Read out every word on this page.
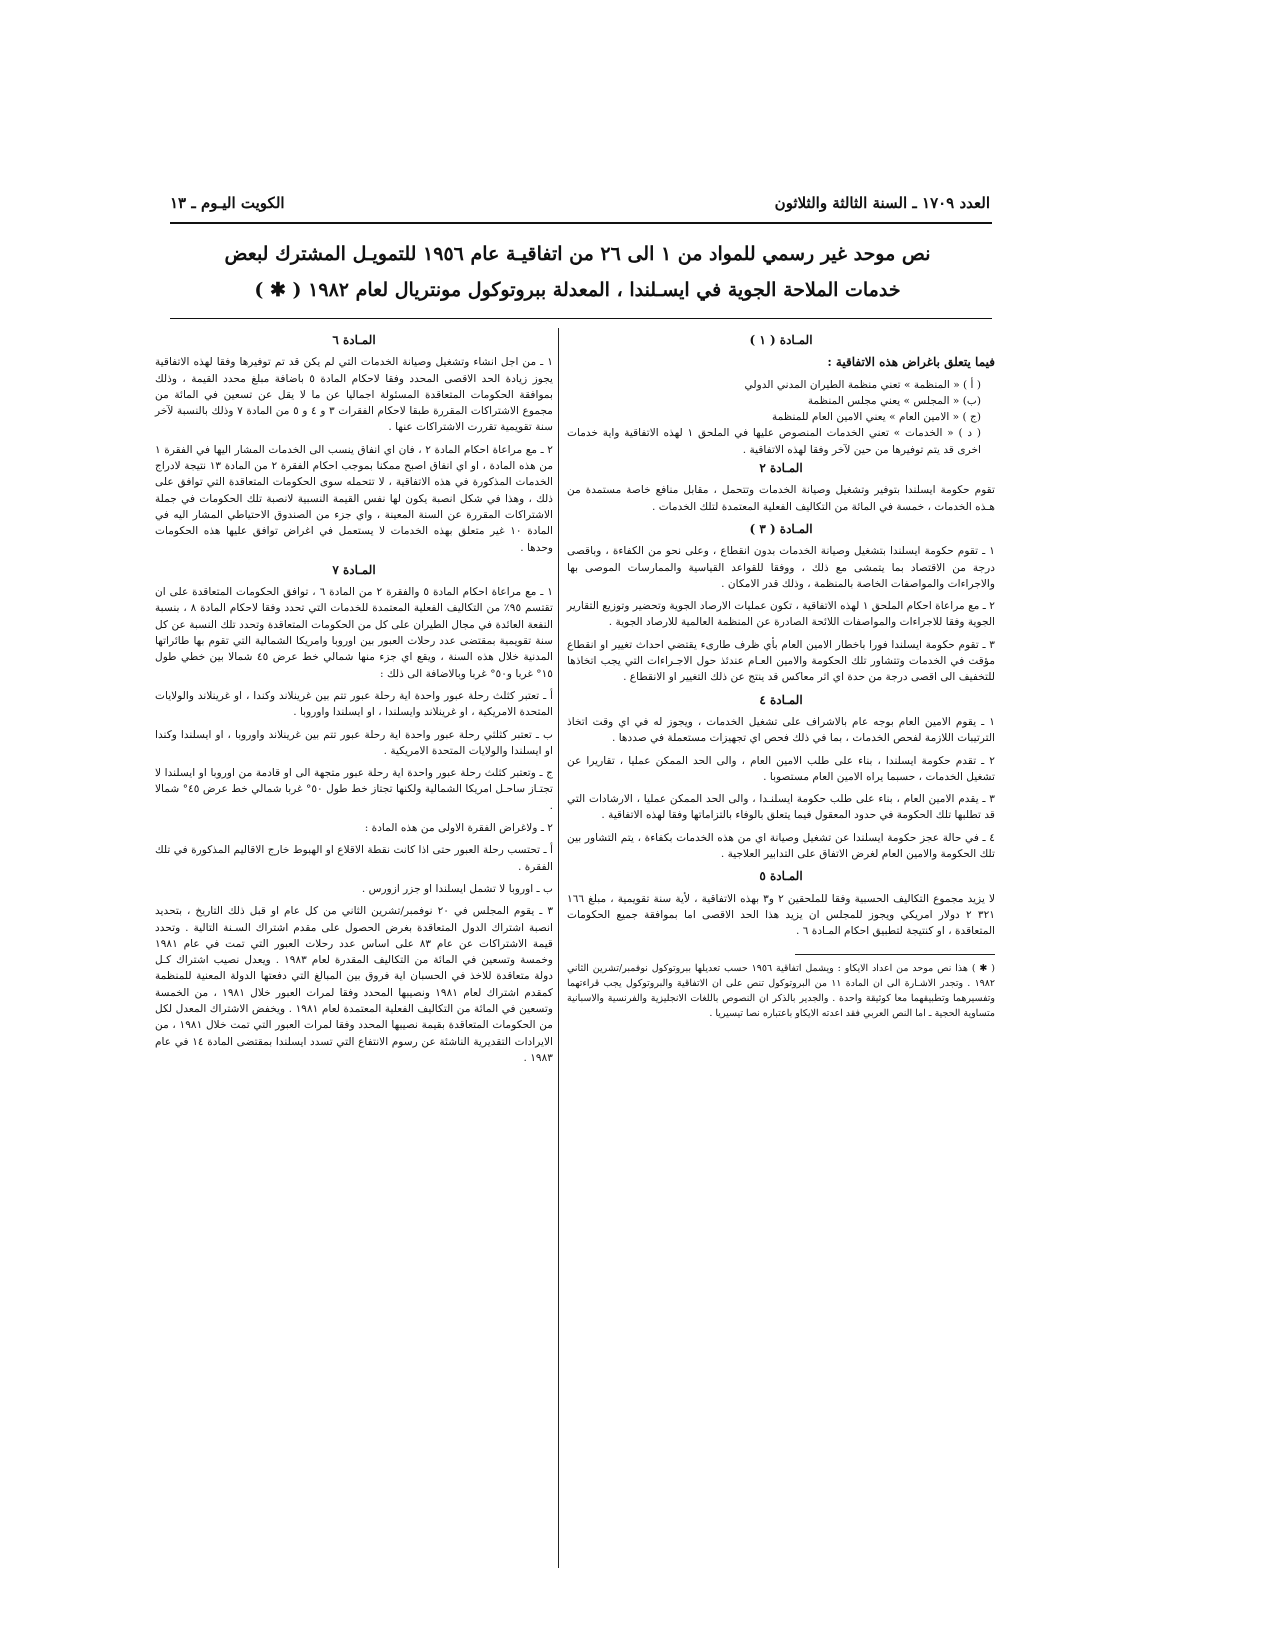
العدد ١٧٠٩ ـ السنة الثالثة والثلاثون
الكويت اليـوم ـ ١٣
نص موحد غير رسمي للمواد من ١ الى ٢٦ من اتفاقيـة عام ١٩٥٦ للتمويـل المشترك لبعض
خدمات الملاحة الجوية في ايسـلندا ، المعدلة ببروتوكول مونتريال لعام ١٩٨٢ ( ✱ )
المـادة ( ١ )
فيما يتعلق باغراض هذه الاتفاقية :

( أ ) « المنظمة » تعني منظمة الطيران المدني الدولي

(ب) « المجلس » يعني مجلس المنظمة

(ج ) « الامين العام » يعني الامين العام للمنظمة

( د ) « الخدمات » تعني الخدمات المنصوص عليها في الملحق ١ لهذه الاتفاقية واية خدمات اخرى قد يتم توفيرها من حين لآخر وفقا لهذه الاتفاقية .

المـادة ٢

تقوم حكومة ايسلندا بتوفير وتشغيل وصيانة الخدمات وتتحمل ، مقابل منافع خاصة مستمدة من هـذه الخدمات ، خمسة في المائة من التكاليف الفعلية المعتمدة لتلك الخدمات .

المـادة ( ٣ )

١ ـ تقوم حكومة ايسلندا بتشغيل وصيانة الخدمات بدون انقطاع ، وعلى نحو من الكفاءة ، وباقصى درجة من الاقتصاد بما يتمشى مع ذلك ، ووفقا للقواعد القياسية والممارسات الموصى بها والاجراءات والمواصفات الخاصة بالمنظمة ، وذلك قدر الامكان .

٢ ـ مع مراعاة احكام الملحق ١ لهذه الاتفاقية ، تكون عمليات الارصاد الجوية وتحضير وتوزيع التقارير الجوية وفقا للاجراءات والمواصفات اللائحة الصادرة عن المنظمة العالمية للارصاد الجوية .

٣ ـ تقوم حكومة ايسلندا فورا باخطار الامين العام بأي ظرف طارىء يقتضي احداث تغيير او انقطاع مؤقت في الخدمات وتتشاور تلك الحكومة والامين العـام عندئذ حول الاجـراءات التي يجب اتخاذها للتخفيف الى اقصى درجة من حدة اي اثر معاكس قد ينتج عن ذلك التغيير او الانقطاع .

المـادة ٤

١ ـ يقوم الامين العام بوجه عام بالاشراف على تشغيل الخدمات ، ويجوز له في اي وقت اتخاذ الترتيبات اللازمة لفحص الخدمات ، بما في ذلك فحص اي تجهيزات مستعملة في صددها .

٢ ـ تقدم حكومة ايسلندا ، بناء على طلب الامين العام ، والى الحد الممكن عمليا ، تقاريرا عن تشغيل الخدمات ، حسبما يراه الامين العام مستصوبا .

٣ ـ يقدم الامين العام ، بناء على طلب حكومة ايسلنـدا ، والى الحد الممكن عمليا ، الارشادات التي قد تطلبها تلك الحكومة في حدود المعقول فيما يتعلق بالوفاء بالتزاماتها وفقا لهذه الاتفاقية .

٤ ـ في حالة عجز حكومة ايسلندا عن تشغيل وصيانة اي من هذه الخدمات بكفاءة ، يتم التشاور بين تلك الحكومة والامين العام لغرض الاتفاق على التدابير العلاجية .

المـادة ٥

لا يزيد مجموع التكاليف الحسبية وفقا للملحقين ٢ و٣ بهذه الاتفاقية ، لأية سنة تقويمية ، مبلغ ١٦٦ ٣٢١ ٢ دولار امريكي ويجوز للمجلس ان يزيد هذا الحد الاقصى اما بموافقة جميع الحكومات المتعاقدة ، او كنتيجة لتطبيق احكام المـادة ٦ .

( ✱ ) هذا نص موحد من اعداد الايكاو : ويشمل اتفاقية ١٩٥٦ حسب تعديلها ببروتوكول نوفمبر/تشرين الثاني ١٩٨٢ . وتجدر الاشـارة الى ان المادة ١١ من البروتوكول تنص على ان الاتفاقية والبروتوكول يجب قراءتهما وتفسيرهما وتطبيقهما معا كوثيقة واحدة . والجدير بالذكر ان النصوص باللغات الانجليزية والفرنسية والاسبانية متساوية الحجية ـ اما النص العربي فقد اعدته الايكاو باعتباره نصا تيسيريا .

المـادة ٦

١ ـ من اجل انشاء وتشغيل وصيانة الخدمات التي لم يكن قد تم توفيرها وفقا لهذه الاتفاقية يجوز زيادة الحد الاقصى المحدد وفقا لاحكام المادة ٥ باضافة مبلغ محدد القيمة ، وذلك بموافقة الحكومات المتعاقدة المسئولة اجماليا عن ما لا يقل عن تسعين في المائة من مجموع الاشتراكات المقررة طبقا لاحكام الفقرات ٣ و ٤ و ٥ من المادة ٧ وذلك بالنسبة لآخر سنة تقويمية تقررت الاشتراكات عنها .

٢ ـ مع مراعاة احكام المادة ٢ ، فان اي انفاق ينسب الى الخدمات المشار اليها في الفقرة ١ من هذه المادة ، او اي انفاق اصبح ممكنا بموجب احكام الفقرة ٢ من المادة ١٣ نتيجة لادراج الخدمات المذكورة في هذه الاتفاقية ، لا تتحمله سوى الحكومات المتعاقدة التي توافق على ذلك ، وهذا في شكل انصبة يكون لها نفس القيمة النسبية لانصبة تلك الحكومات في جملة الاشتراكات المقررة عن السنة المعينة ، واي جزء من الصندوق الاحتياطي المشار اليه في المادة ١٠ غير متعلق بهذه الخدمات لا يستعمل في اغراض توافق عليها هذه الحكومات وحدها .

المـادة ٧

١ ـ مع مراعاة احكام المادة ٥ والفقرة ٢ من المادة ٦ ، توافق الحكومات المتعاقدة على ان تقتسم ٩٥٪ من التكاليف الفعلية المعتمدة للخدمات التي تحدد وفقا لاحكام المادة ٨ ، بنسبة النفعة العائدة في مجال الطيران على كل من الحكومات المتعاقدة وتحدد تلك النسبة عن كل سنة تقويمية بمقتضى عدد رحلات العبور بين اوروبا وامريكا الشمالية التي تقوم بها طائراتها المدنية خلال هذه السنة ، ويقع اي جزء منها شمالي خط عرض ٤٥ شمالا بين خطي طول ١٥° غربا و٥٠° غربا وبالاضافة الى ذلك :

أ ـ تعتبر كثلث رحلة عبور واحدة اية رحلة عبور تتم بين غرينلاند وكندا ، او غرينلاند والولايات المتحدة الامريكية ، او غرينلاند وايسلندا ، او ايسلندا واوروبا .

ب ـ تعتبر كثلثي رحلة عبور واحدة اية رحلة عبور تتم بين غرينلاند واوروبا ، او ايسلندا وكندا او ايسلندا والولايات المتحدة الامريكية .

ج ـ وتعتبر كثلث رحلة عبور واحدة اية رحلة عبور متجهة الى او قادمة من اوروبا او ايسلندا لا تجتـاز ساحـل امريكا الشمالية ولكنها تجتاز خط طول ٥٠° غربا شمالي خط عرض ٤٥° شمالا .

٢ ـ ولاغراض الفقرة الاولى من هذه المادة :

أ ـ تحتسب رحلة العبور حتى اذا كانت نقطة الاقلاع او الهبوط خارج الاقاليم المذكورة في تلك الفقرة .

ب ـ اوروبا لا تشمل ايسلندا او جزر ازورس .

٣ ـ يقوم المجلس في ٢٠ نوفمبر/تشرين الثاني من كل عام او قبل ذلك التاريخ ، بتحديد انصبة اشتراك الدول المتعاقدة بغرض الحصول على مقدم اشتراك السـنة التالية . وتحدد قيمة الاشتراكات عن عام ٨٣ على اساس عدد رحلات العبور التي تمت في عام ١٩٨١ وخمسة وتسعين في المائة من التكاليف المقدرة لعام ١٩٨٣ . ويعدل نصيب اشتراك كـل دولة متعاقدة للاخذ في الحسبان اية فروق بين المبالغ التي دفعتها الدولة المعنية للمنظمة كمقدم اشتراك لعام ١٩٨١ ونصيبها المحدد وفقا لمرات العبور خلال ١٩٨١ ، من الخمسة وتسعين في المائة من التكاليف الفعلية المعتمدة لعام ١٩٨١ . ويخفض الاشتراك المعدل لكل من الحكومات المتعاقدة بقيمة نصيبها المحدد وفقا لمرات العبور التي تمت خلال ١٩٨١ ، من الايرادات التقديرية الناشئة عن رسوم الانتفاع التي تسدد ايسلندا بمقتضى المادة ١٤ في عام ١٩٨٣ .
